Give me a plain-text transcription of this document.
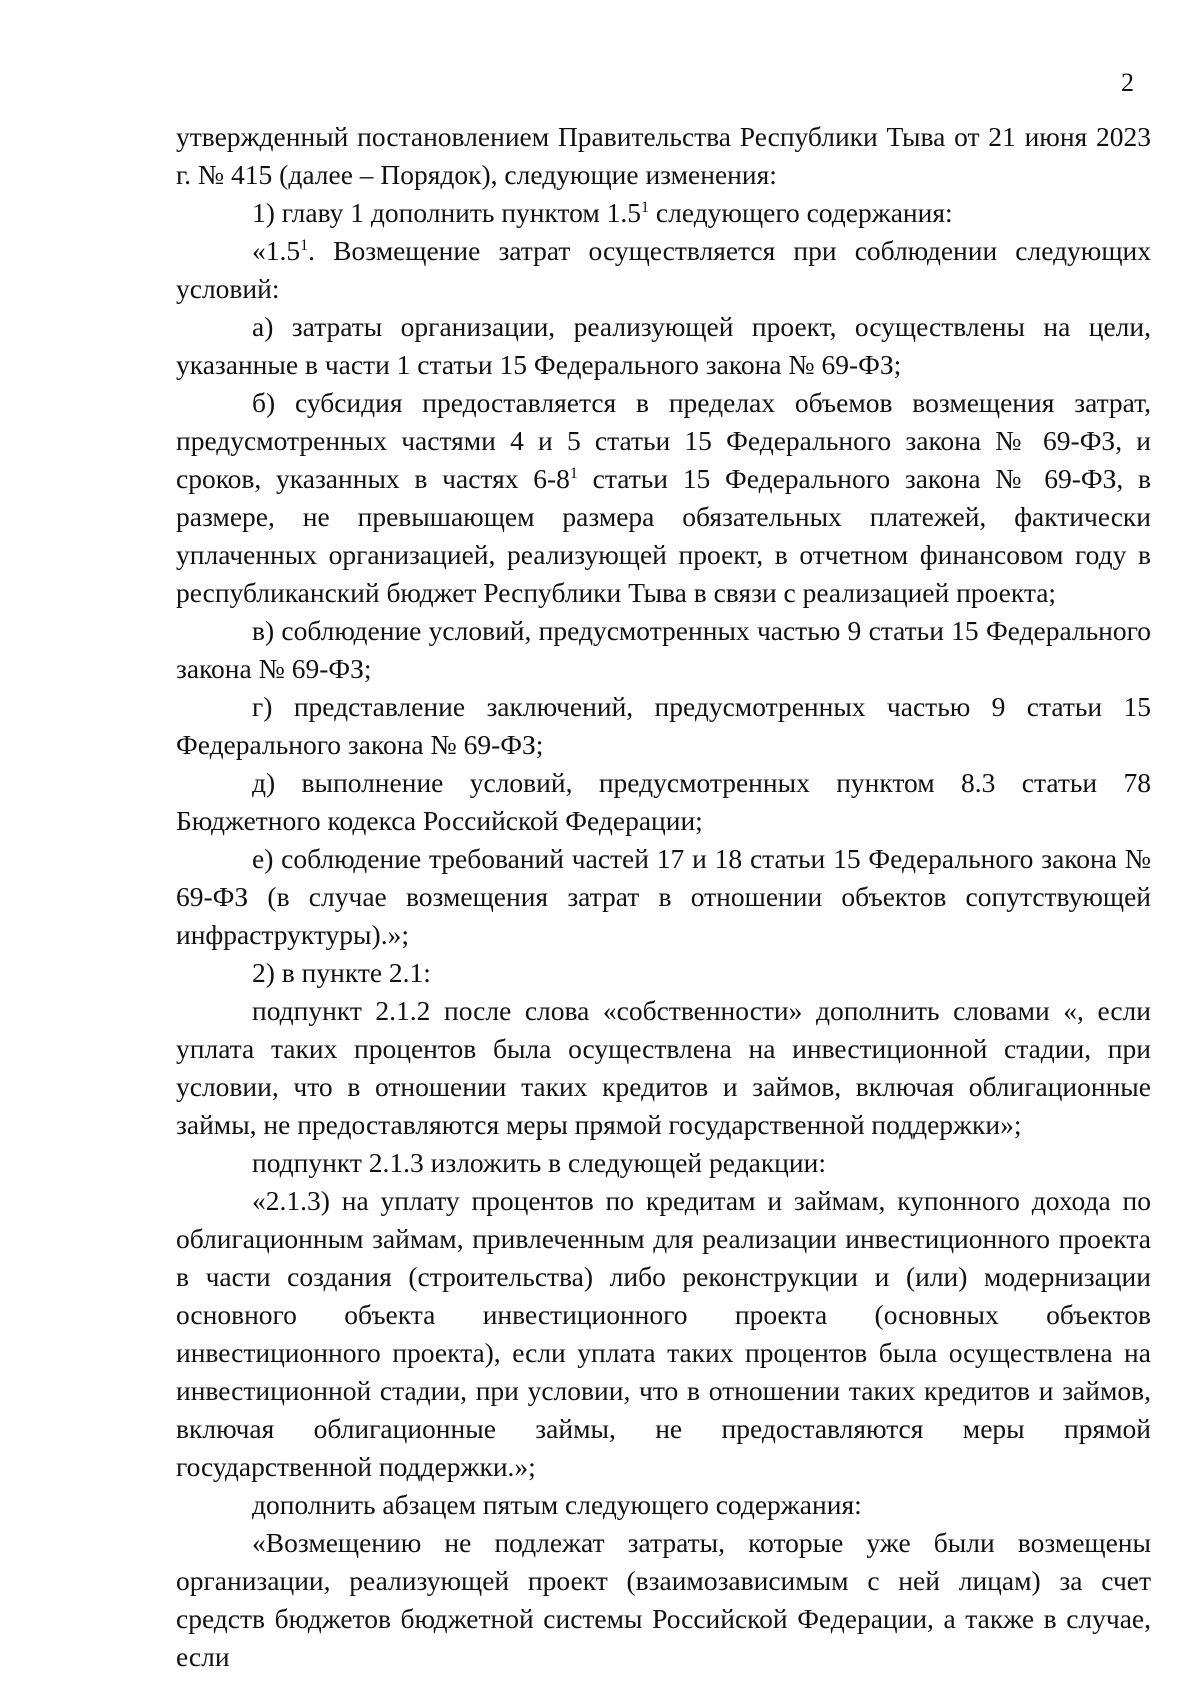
2

утвержденный постановлением Правительства Республики Тыва от 21 июня 2023 г. № 415 (далее – Порядок), следующие изменения:

1) главу 1 дополнить пунктом $1.5^1$ следующего содержания:

«$1.5^1$. Возмещение затрат осуществляется при соблюдении следующих условий:

а) затраты организации, реализующей проект, осуществлены на цели, указанные в части 1 статьи 15 Федерального закона № 69-ФЗ;

б) субсидия предоставляется в пределах объемов возмещения затрат, предусмотренных частями 4 и 5 статьи 15 Федерального закона № 69-ФЗ, и сроков, указанных в частях $6-8^1$ статьи 15 Федерального закона № 69-ФЗ, в размере, не превышающем размера обязательных платежей, фактически уплаченных организацией, реализующей проект, в отчетном финансовом году в республиканский бюджет Республики Тыва в связи с реализацией проекта;

в) соблюдение условий, предусмотренных частью 9 статьи 15 Федерального закона № 69-ФЗ;

г) представление заключений, предусмотренных частью 9 статьи 15 Федерального закона № 69-ФЗ;

д) выполнение условий, предусмотренных пунктом 8.3 статьи 78 Бюджетного кодекса Российской Федерации;

е) соблюдение требований частей 17 и 18 статьи 15 Федерального закона № 69-ФЗ (в случае возмещения затрат в отношении объектов сопутствующей инфраструктуры).»;

2) в пункте 2.1:

подпункт 2.1.2 после слова «собственности» дополнить словами «, если уплата таких процентов была осуществлена на инвестиционной стадии, при условии, что в отношении таких кредитов и займов, включая облигационные займы, не предоставляются меры прямой государственной поддержки»;

подпункт 2.1.3 изложить в следующей редакции:

«2.1.3) на уплату процентов по кредитам и займам, купонного дохода по облигационным займам, привлеченным для реализации инвестиционного проекта в части создания (строительства) либо реконструкции и (или) модернизации основного объекта инвестиционного проекта (основных объектов инвестиционного проекта), если уплата таких процентов была осуществлена на инвестиционной стадии, при условии, что в отношении таких кредитов и займов, включая облигационные займы, не предоставляются меры прямой государственной поддержки.»;

дополнить абзацем пятым следующего содержания:

«Возмещению не подлежат затраты, которые уже были возмещены организации, реализующей проект (взаимозависимым с ней лицам) за счет средств бюджетов бюджетной системы Российской Федерации, а также в случае, если
